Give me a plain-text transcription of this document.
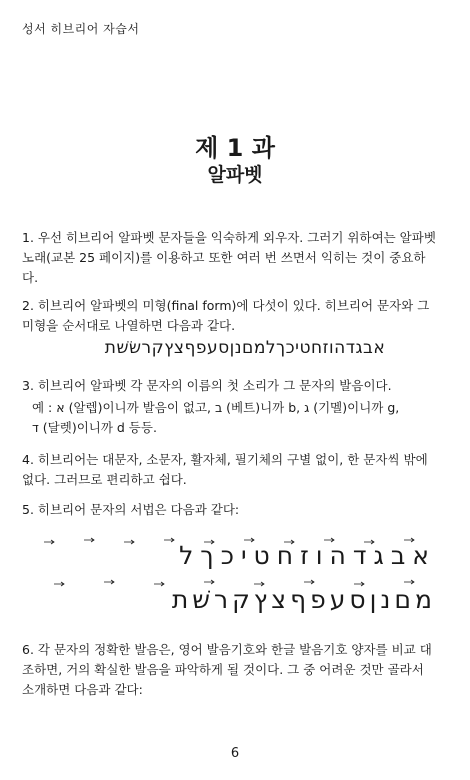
성서 히브리어 자습서
제 1 과
알파벳
1. 우선 히브리어 알파벳 문자들을 익숙하게 외우자. 그러기 위하여는 알파벳
노래(교본 25 페이지)를 이용하고 또한 여러 번 쓰면서 익히는 것이 중요하
다.
2. 히브리어 알파벳의 미형(final form)에 다섯이 있다. 히브리어 문자와 그
미형을 순서대로 나열하면 다음과 같다.
אבגדהוזחטיכךלמםנןסעפףצץקרשׂשׁת
3. 히브리어 알파벳 각 문자의 이름의 첫 소리가 그 문자의 발음이다.
예 : א (알렙)이니까 발음이 없고, ב (베트)니까 b, ג (기멜)이니까 g,
ד (달렛)이니까 d 등등.
4. 히브리어는 대문자, 소문자, 활자체, 필기체의 구별 없이, 한 문자씩 밖에
없다. 그러므로 편리하고 쉽다.
5. 히브리어 문자의 서법은 다음과 같다:
אבגדהוזחטיכךל
מםנןסעפףצץקרשׁת
6. 각 문자의 정확한 발음은, 영어 발음기호와 한글 발음기호 양자를 비교 대
조하면, 거의 확실한 발음을 파악하게 될 것이다. 그 중 어려운 것만 골라서
소개하면 다음과 같다:
6
